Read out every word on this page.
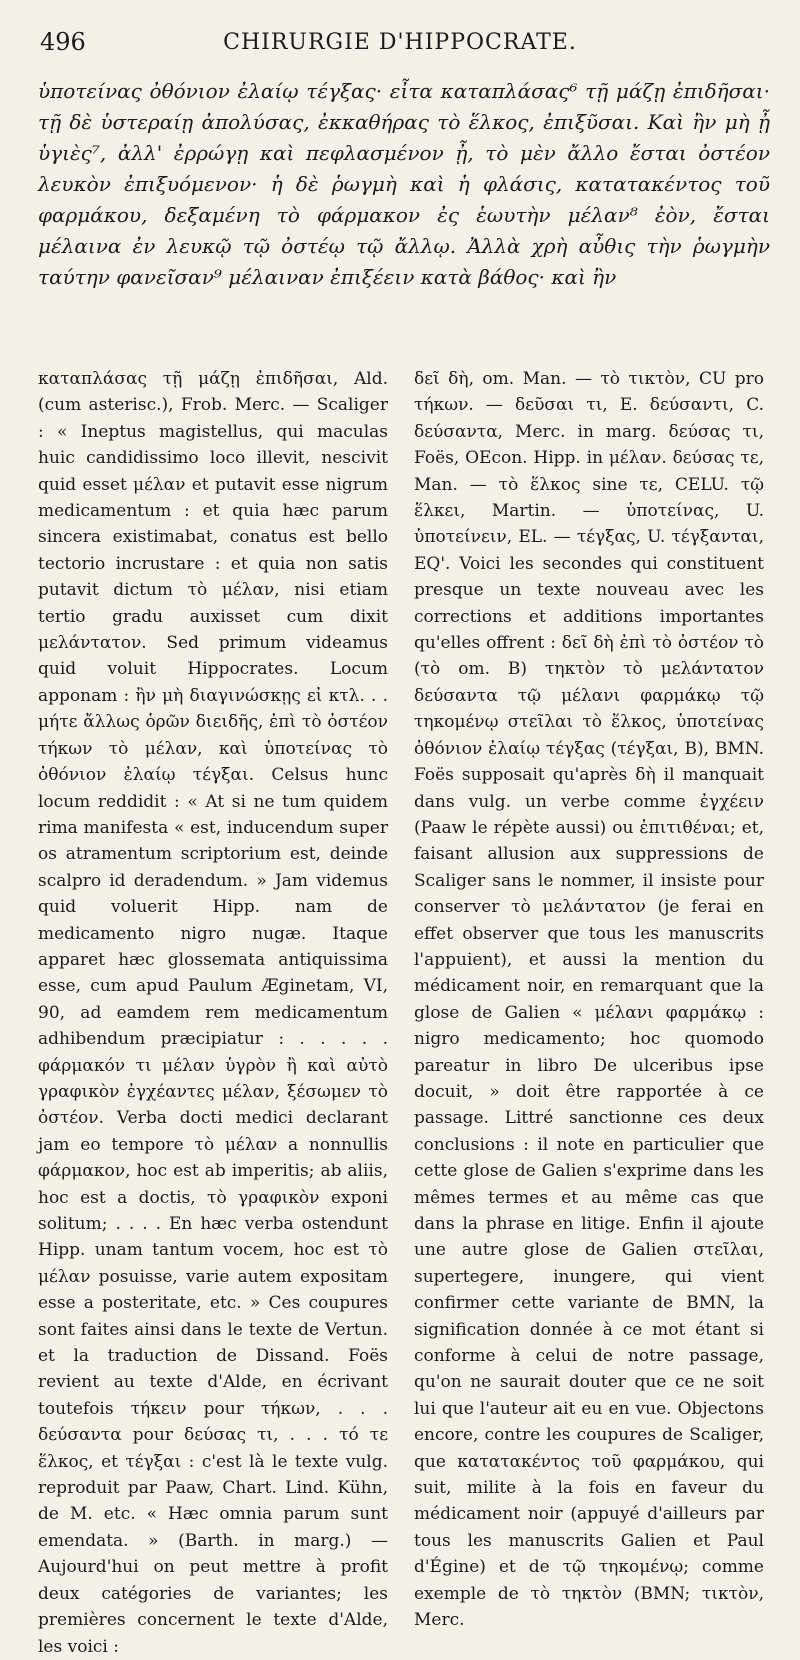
496	CHIRURGIE D'HIPPOCRATE.

ὑποτείνας ὀθόνιον ἐλαίῳ τέγξας· εἶτα καταπλάσας⁶ τῇ μάζῃ ἐπιδῆσαι· τῇ δὲ ὑστεραίῃ ἀπολύσας, ἐκκαθήρας τὸ ἕλκος, ἐπιξῦσαι. Καὶ ἢν μὴ ᾖ ὑγιὲς⁷, ἀλλ' ἐρρώγῃ καὶ πεφλασμένον ᾖ, τὸ μὲν ἄλλο ἔσται ὀστέον λευκὸν ἐπιξυόμενον· ἡ δὲ ῥωγμὴ καὶ ἡ φλάσις, κατατακέντος τοῦ φαρμάκου, δεξαμένη τὸ φάρμακον ἐς ἑωυτὴν μέλαν⁸ ἐὸν, ἔσται μέλαινα ἐν λευκῷ τῷ ὀστέῳ τῷ ἄλλῳ. Ἀλλὰ χρὴ αὖθις τὴν ῥωγμὴν ταύτην φανεῖσαν⁹ μέλαιναν ἐπιξέειν κατὰ βάθος· καὶ ἢν

καταπλάσας τῇ μάζῃ ἐπιδῆσαι, Ald. (cum asterisc.), Frob. Merc. — Scaliger : « Ineptus magistellus, qui maculas huic candidissimo loco illevit, nescivit quid esset μέλαν et putavit esse nigrum medicamentum : et quia hæc parum sincera existimabat, conatus est bello tectorio incrustare : et quia non satis putavit dictum τὸ μέλαν, nisi etiam tertio gradu auxisset cum dixit μελάντατον. Sed primum videamus quid voluit Hippocrates. Locum apponam : ἢν μὴ διαγινώσκῃς εἰ κτλ. . . μήτε ἄλλως ὁρῶν διειδῆς, ἐπὶ τὸ ὀστέον τήκων τὸ μέλαν, καὶ ὑποτείνας τὸ ὀθόνιον ἐλαίῳ τέγξαι. Celsus hunc locum reddidit : « At si ne tum quidem rima manifesta « est, inducendum super os atramentum scriptorium est, deinde scalpro id deradendum. » Jam videmus quid voluerit Hipp. nam de medicamento nigro nugæ. Itaque apparet hæc glossemata antiquissima esse, cum apud Paulum Æginetam, VI, 90, ad eamdem rem medicamentum adhibendum præcipiatur : . . . . . φάρμακόν τι μέλαν ὑγρὸν ἢ καὶ αὐτὸ γραφικὸν ἐγχέαντες μέλαν, ξέσωμεν τὸ ὀστέον. Verba docti medici declarant jam eo tempore τὸ μέλαν a nonnullis φάρμακον, hoc est ab imperitis; ab aliis, hoc est a doctis, τὸ γραφικὸν exponi solitum; . . . . En hæc verba ostendunt Hipp. unam tantum vocem, hoc est τὸ μέλαν posuisse, varie autem expositam esse a posteritate, etc. » Ces coupures sont faites ainsi dans le texte de Vertun. et la traduction de Dissand. Foës revient au texte d'Alde, en écrivant toutefois τήκειν pour τήκων, . . . δεύσαντα pour δεύσας τι, . . . τό τε ἕλκος, et τέγξαι : c'est là le texte vulg. reproduit par Paaw, Chart. Lind. Kühn, de M. etc. « Hæc omnia parum sunt emendata. » (Barth. in marg.) — Aujourd'hui on peut mettre à profit deux catégories de variantes; les premières concernent le texte d'Alde, les voici :

δεῖ δὴ, om. Man. — τὸ τικτὸν, CU pro τήκων. — δεῦσαι τι, E. δεύσαντι, C. δεύσαντα, Merc. in marg. δεύσας τι, Foës, OEcon. Hipp. in μέλαν. δεύσας τε, Man. — τὸ ἕλκος sine τε, CELU. τῷ ἕλκει, Martin. — ὑποτείνας, U. ὑποτείνειν, EL. — τέγξας, U. τέγξανται, EQ'. Voici les secondes qui constituent presque un texte nouveau avec les corrections et additions importantes qu'elles offrent : δεῖ δὴ ἐπὶ τὸ ὀστέον τὸ (τὸ om. B) τηκτὸν τὸ μελάντατον δεύσαντα τῷ μέλανι φαρμάκῳ τῷ τηκομένῳ στεῖλαι τὸ ἕλκος, ὑποτείνας ὀθόνιον ἐλαίῳ τέγξας (τέγξαι, B), BMN. Foës supposait qu'après δὴ il manquait dans vulg. un verbe comme ἐγχέειν (Paaw le répète aussi) ou ἐπιτιθέναι; et, faisant allusion aux suppressions de Scaliger sans le nommer, il insiste pour conserver τὸ μελάντατον (je ferai en effet observer que tous les manuscrits l'appuient), et aussi la mention du médicament noir, en remarquant que la glose de Galien « μέλανι φαρμάκῳ : nigro medicamento; hoc quomodo pareatur in libro De ulceribus ipse docuit, » doit être rapportée à ce passage. Littré sanctionne ces deux conclusions : il note en particulier que cette glose de Galien s'exprime dans les mêmes termes et au même cas que dans la phrase en litige. Enfin il ajoute une autre glose de Galien στεῖλαι, supertegere, inungere, qui vient confirmer cette variante de BMN, la signification donnée à ce mot étant si conforme à celui de notre passage, qu'on ne saurait douter que ce ne soit lui que l'auteur ait eu en vue. Objectons encore, contre les coupures de Scaliger, que κατατακέντος τοῦ φαρμάκου, qui suit, milite à la fois en faveur du médicament noir (appuyé d'ailleurs par tous les manuscrits Galien et Paul d'Égine) et de τῷ τηκομένῳ; comme exemple de τὸ τηκτὸν (BMN; τικτὸν, Merc.
